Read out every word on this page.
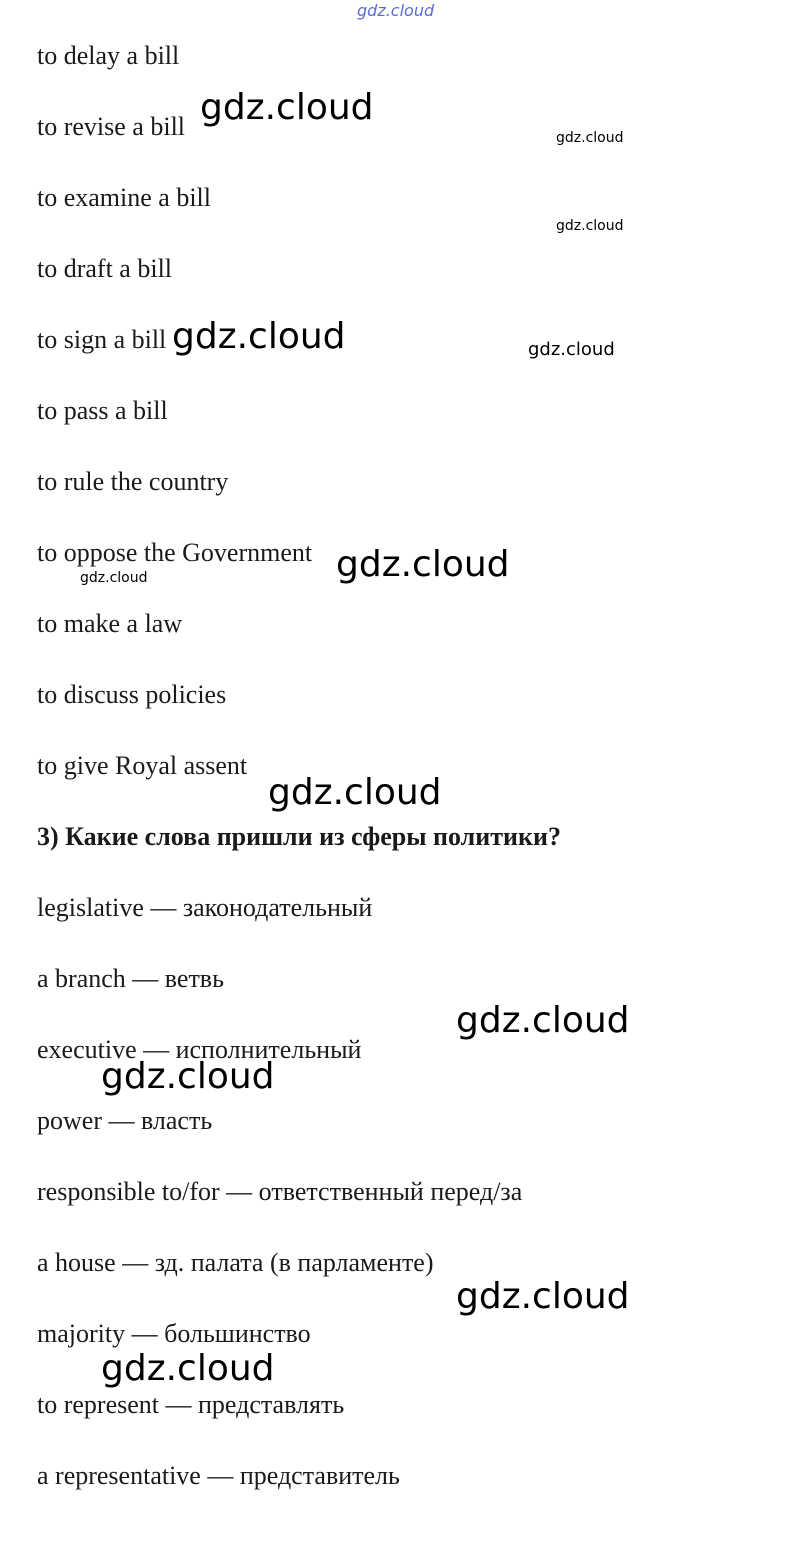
to delay a bill
to revise a bill
to examine a bill
to draft a bill
to sign a bill
to pass a bill
to rule the country
to oppose the Government
to make a law
to discuss policies
to give Royal assent
3) Какие слова пришли из сферы политики?
legislative — законодательный
a branch — ветвь
executive — исполнительный
power — власть
responsible to/for — ответственный перед/за
a house — зд. палата (в парламенте)
majority — большинство
to represent — представлять
a representative — представитель
gdz.cloud
gdz.cloud
gdz.cloud
gdz.cloud
gdz.cloud	gdz.cloud
gdz.cloud
gdz.cloud
gdz.cloud
gdz.cloud
gdz.cloud
gdz.cloud
gdz.cloud
